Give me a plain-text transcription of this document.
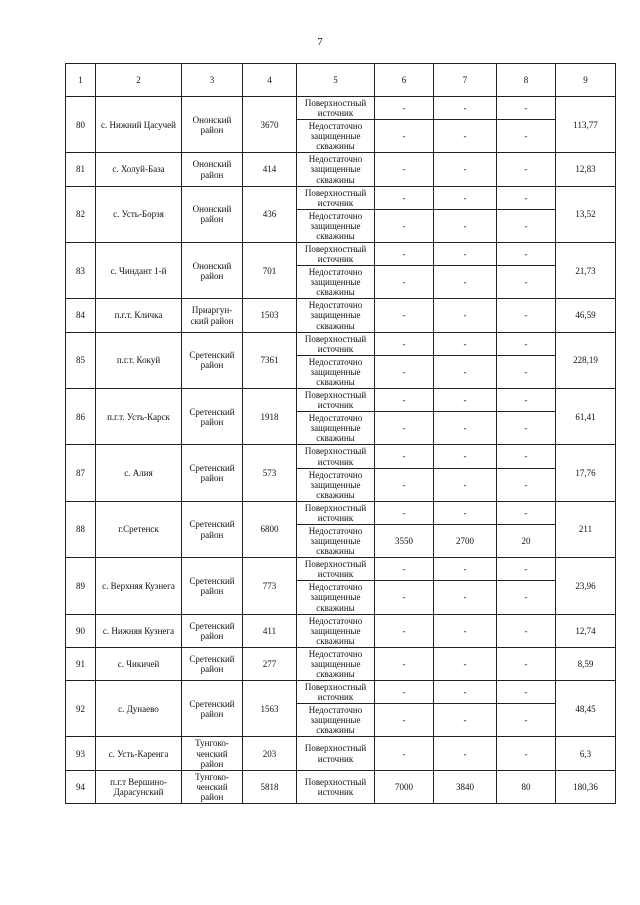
7
1	2	3	4	5	6	7	8	9
80	с. Нижний Цасучей	Ононский район	3670	Поверхностный источник	-	-	-	113,77
				Недостаточно защищенные скважины	-	-	-	
81	с. Холуй-База	Ононский район	414	Недостаточно защищенные скважины	-	-	-	12,83
82	с. Усть-Борзя	Ононский район	436	Поверхностный источник	-	-	-	13,52
				Недостаточно защищенные скважины	-	-	-	
83	с. Чиндант 1-й	Ононский район	701	Поверхностный источник	-	-	-	21,73
				Недостаточно защищенные скважины	-	-	-	
84	п.г.т. Кличка	Приаргун-ский район	1503	Недостаточно защищенные скважины	-	-	-	46,59
85	п.г.т. Кокуй	Сретенский район	7361	Поверхностный источник	-	-	-	228,19
				Недостаточно защищенные скважины	-	-	-	
86	п.г.т. Усть-Карск	Сретенский район	1918	Поверхностный источник	-	-	-	61,41
				Недостаточно защищенные скважины	-	-	-	
87	с. Алия	Сретенский район	573	Поверхностный источник	-	-	-	17,76
				Недостаточно защищенные скважины	-	-	-	
88	г.Сретенск	Сретенский район	6800	Поверхностный источник	-	-	-	211
				Недостаточно защищенные скважины	3550	2700	20	
89	с. Верхняя Кузнега	Сретенский район	773	Поверхностный источник	-	-	-	23,96
				Недостаточно защищенные скважины	-	-	-	
90	с. Нижняя Кузнега	Сретенский район	411	Недостаточно защищенные скважины	-	-	-	12,74
91	с. Чикичей	Сретенский район	277	Недостаточно защищенные скважины	-	-	-	8,59
92	с. Дунаево	Сретенский район	1563	Поверхностный источник	-	-	-	48,45
				Недостаточно защищенные скважины	-	-	-	
93	с. Усть-Каренга	Тунгоко-ченский район	203	Поверхностный источник	-	-	-	6,3
94	п.г.т Вершино-Дарасунский	Тунгоко-ченский район	5818	Поверхностный источник	7000	3840	80	180,36
